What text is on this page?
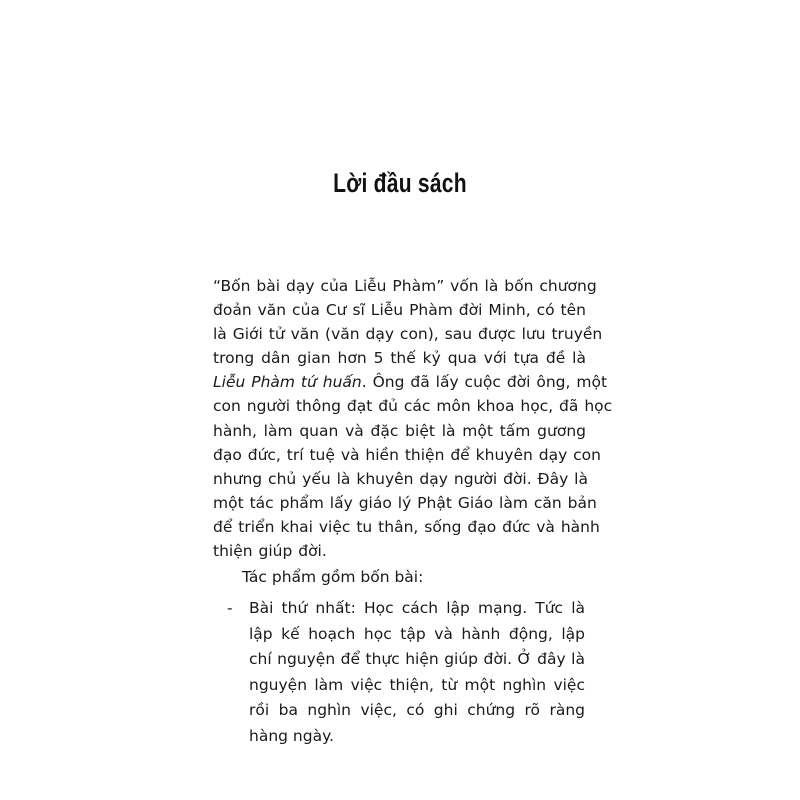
Lời đầu sách
“Bốn bài dạy của Liễu Phàm” vốn là bốn chương
đoản văn của Cư sĩ Liễu Phàm đời Minh, có tên
là Giới tử văn (văn dạy con), sau được lưu truyền
trong dân gian hơn 5 thế kỷ qua với tựa đề là
Liễu Phàm tứ huấn. Ông đã lấy cuộc đời ông, một
con người thông đạt đủ các môn khoa học, đã học
hành, làm quan và đặc biệt là một tấm gương
đạo đức, trí tuệ và hiền thiện để khuyên dạy con
nhưng chủ yếu là khuyên dạy người đời. Đây là
một tác phẩm lấy giáo lý Phật Giáo làm căn bản
để triển khai việc tu thân, sống đạo đức và hành
thiện giúp đời.
Tác phẩm gồm bốn bài:
- Bài thứ nhất: Học cách lập mạng. Tức là
lập kế hoạch học tập và hành động, lập
chí nguyện để thực hiện giúp đời. Ở đây là
nguyện làm việc thiện, từ một nghìn việc
rồi ba nghìn việc, có ghi chứng rõ ràng
hàng ngày.
